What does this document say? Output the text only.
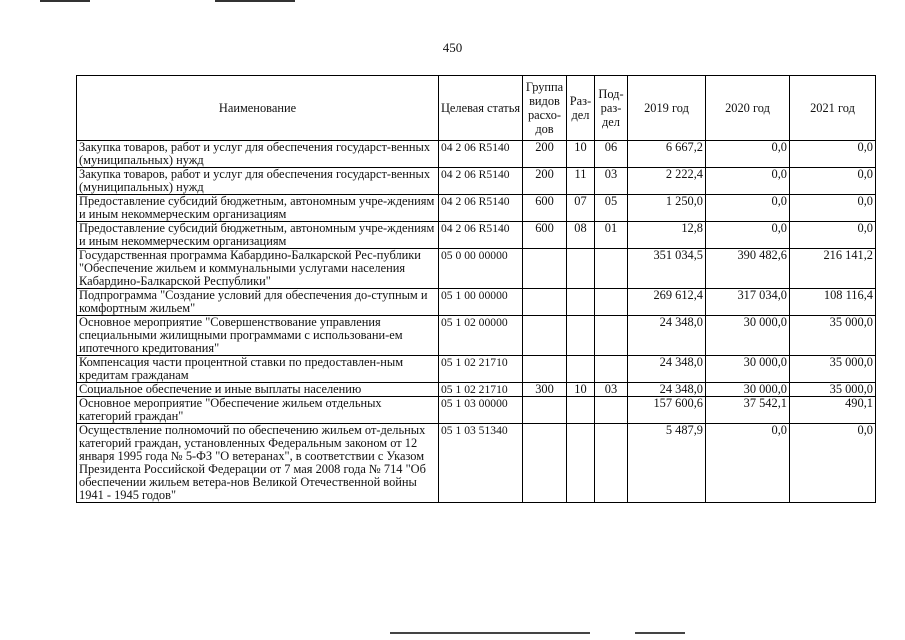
450
Наименование	Целевая статья	Группа видов расхо-дов	Раз-дел	Под-раз-дел	2019 год	2020 год	2021 год
Закупка товаров, работ и услуг для обеспечения государст-венных (муниципальных) нужд	04 2 06 R5140	200	10	06	6 667,2	0,0	0,0
Закупка товаров, работ и услуг для обеспечения государст-венных (муниципальных) нужд	04 2 06 R5140	200	11	03	2 222,4	0,0	0,0
Предоставление субсидий бюджетным, автономным учре-ждениям и иным некоммерческим организациям	04 2 06 R5140	600	07	05	1 250,0	0,0	0,0
Предоставление субсидий бюджетным, автономным учре-ждениям и иным некоммерческим организациям	04 2 06 R5140	600	08	01	12,8	0,0	0,0
Государственная программа Кабардино-Балкарской Рес-публики "Обеспечение жильем и коммунальными услугами населения Кабардино-Балкарской Республики"	05 0 00 00000				351 034,5	390 482,6	216 141,2
Подпрограмма "Создание условий для обеспечения до-ступным и комфортным жильем"	05 1 00 00000				269 612,4	317 034,0	108 116,4
Основное мероприятие "Совершенствование управления специальными жилищными программами с использовани-ем ипотечного кредитования"	05 1 02 00000				24 348,0	30 000,0	35 000,0
Компенсация части процентной ставки по предоставлен-ным кредитам гражданам	05 1 02 21710				24 348,0	30 000,0	35 000,0
Социальное обеспечение и иные выплаты населению	05 1 02 21710	300	10	03	24 348,0	30 000,0	35 000,0
Основное мероприятие "Обеспечение жильем отдельных категорий граждан"	05 1 03 00000				157 600,6	37 542,1	490,1
Осуществление полномочий по обеспечению жильем от-дельных категорий граждан, установленных Федеральным законом от 12 января 1995 года № 5-ФЗ "О ветеранах", в соответствии с Указом Президента Российской Федерации от 7 мая 2008 года № 714 "Об обеспечении жильем ветера-нов Великой Отечественной войны 1941 - 1945 годов"	05 1 03 51340				5 487,9	0,0	0,0
